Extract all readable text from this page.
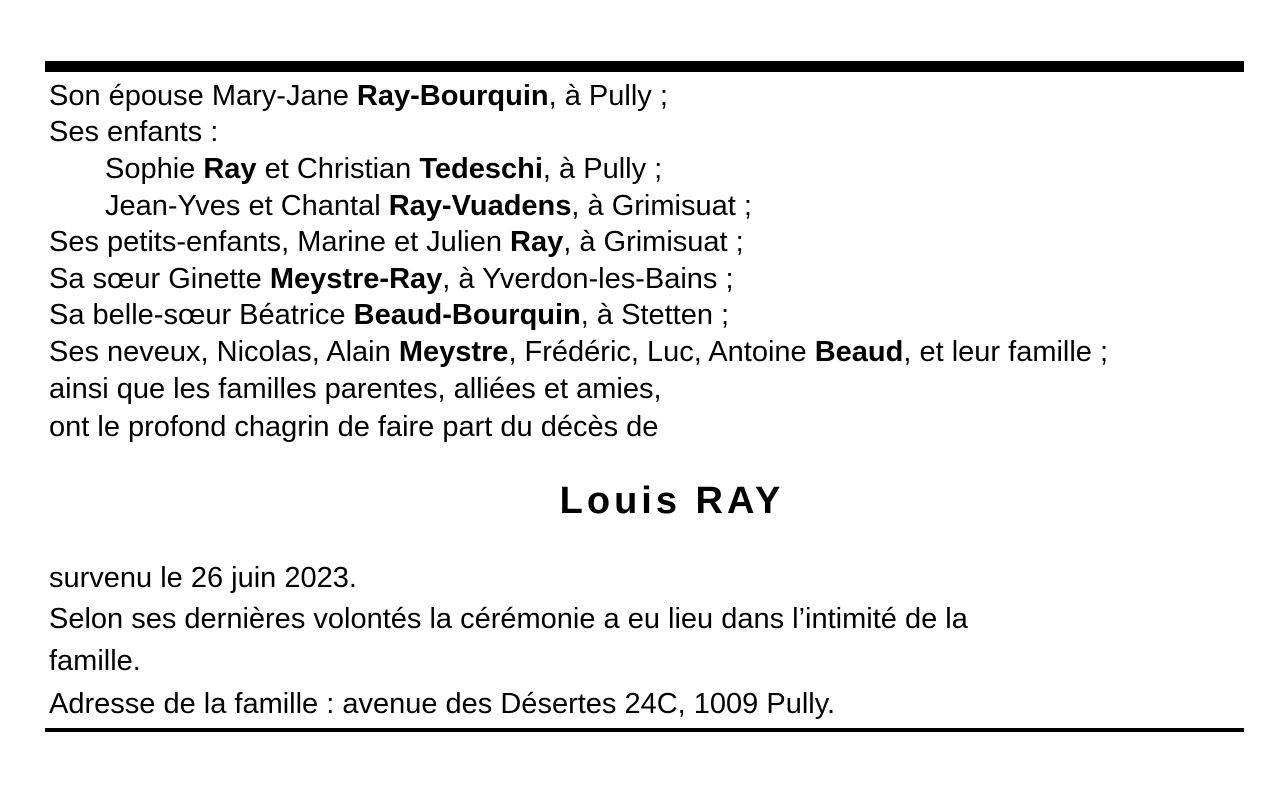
Son épouse Mary-Jane Ray-Bourquin, à Pully ;
Ses enfants :
Sophie Ray et Christian Tedeschi, à Pully ;
Jean-Yves et Chantal Ray-Vuadens, à Grimisuat ;
Ses petits-enfants, Marine et Julien Ray, à Grimisuat ;
Sa sœur Ginette Meystre-Ray, à Yverdon-les-Bains ;
Sa belle-sœur Béatrice Beaud-Bourquin, à Stetten ;
Ses neveux, Nicolas, Alain Meystre, Frédéric, Luc, Antoine Beaud, et leur famille ;
ainsi que les familles parentes, alliées et amies,
ont le profond chagrin de faire part du décès de
Louis RAY
survenu le 26 juin 2023.
Selon ses dernières volontés la cérémonie a eu lieu dans l’intimité de la
famille.
Adresse de la famille : avenue des Désertes 24C, 1009 Pully.
